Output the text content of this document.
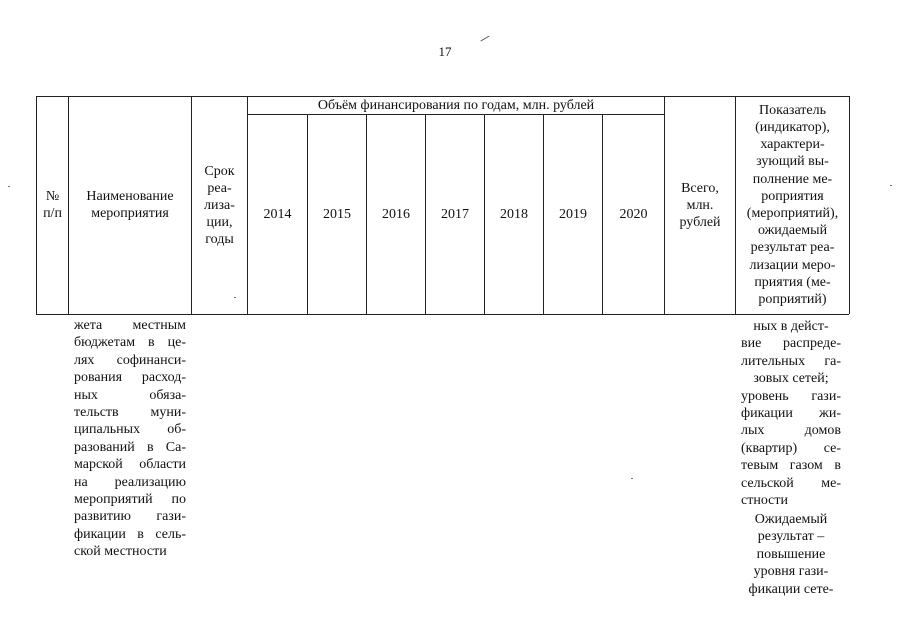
17
№ п/п
Наименование мероприятия
Срок
реа-
лиза-
ции,
годы
Объём финансирования по годам, млн. рублей
2014 2015 2016 2017 2018 2019 2020
Всего,
млн.
рублей
Показатель
(индикатор),
характери-
зующий вы-
полнение ме-
роприятия
(мероприятий),
ожидаемый
результат реа-
лизации меро-
приятия (ме-
роприятий)
жета местным
бюджетам в це-
лях софинанси-
рования расход-
ных обяза-
тельств муни-
ципальных об-
разований в Са-
марской области
на реализацию
мероприятий по
развитию гази-
фикации в сель-
ской местности
ных в дейст-
вие распреде-
лительных га-
зовых сетей;
уровень гази-
фикации жи-
лых домов
(квартир) се-
тевым газом в
сельской ме-
стности
Ожидаемый
результат –
повышение
уровня гази-
фикации сете-
